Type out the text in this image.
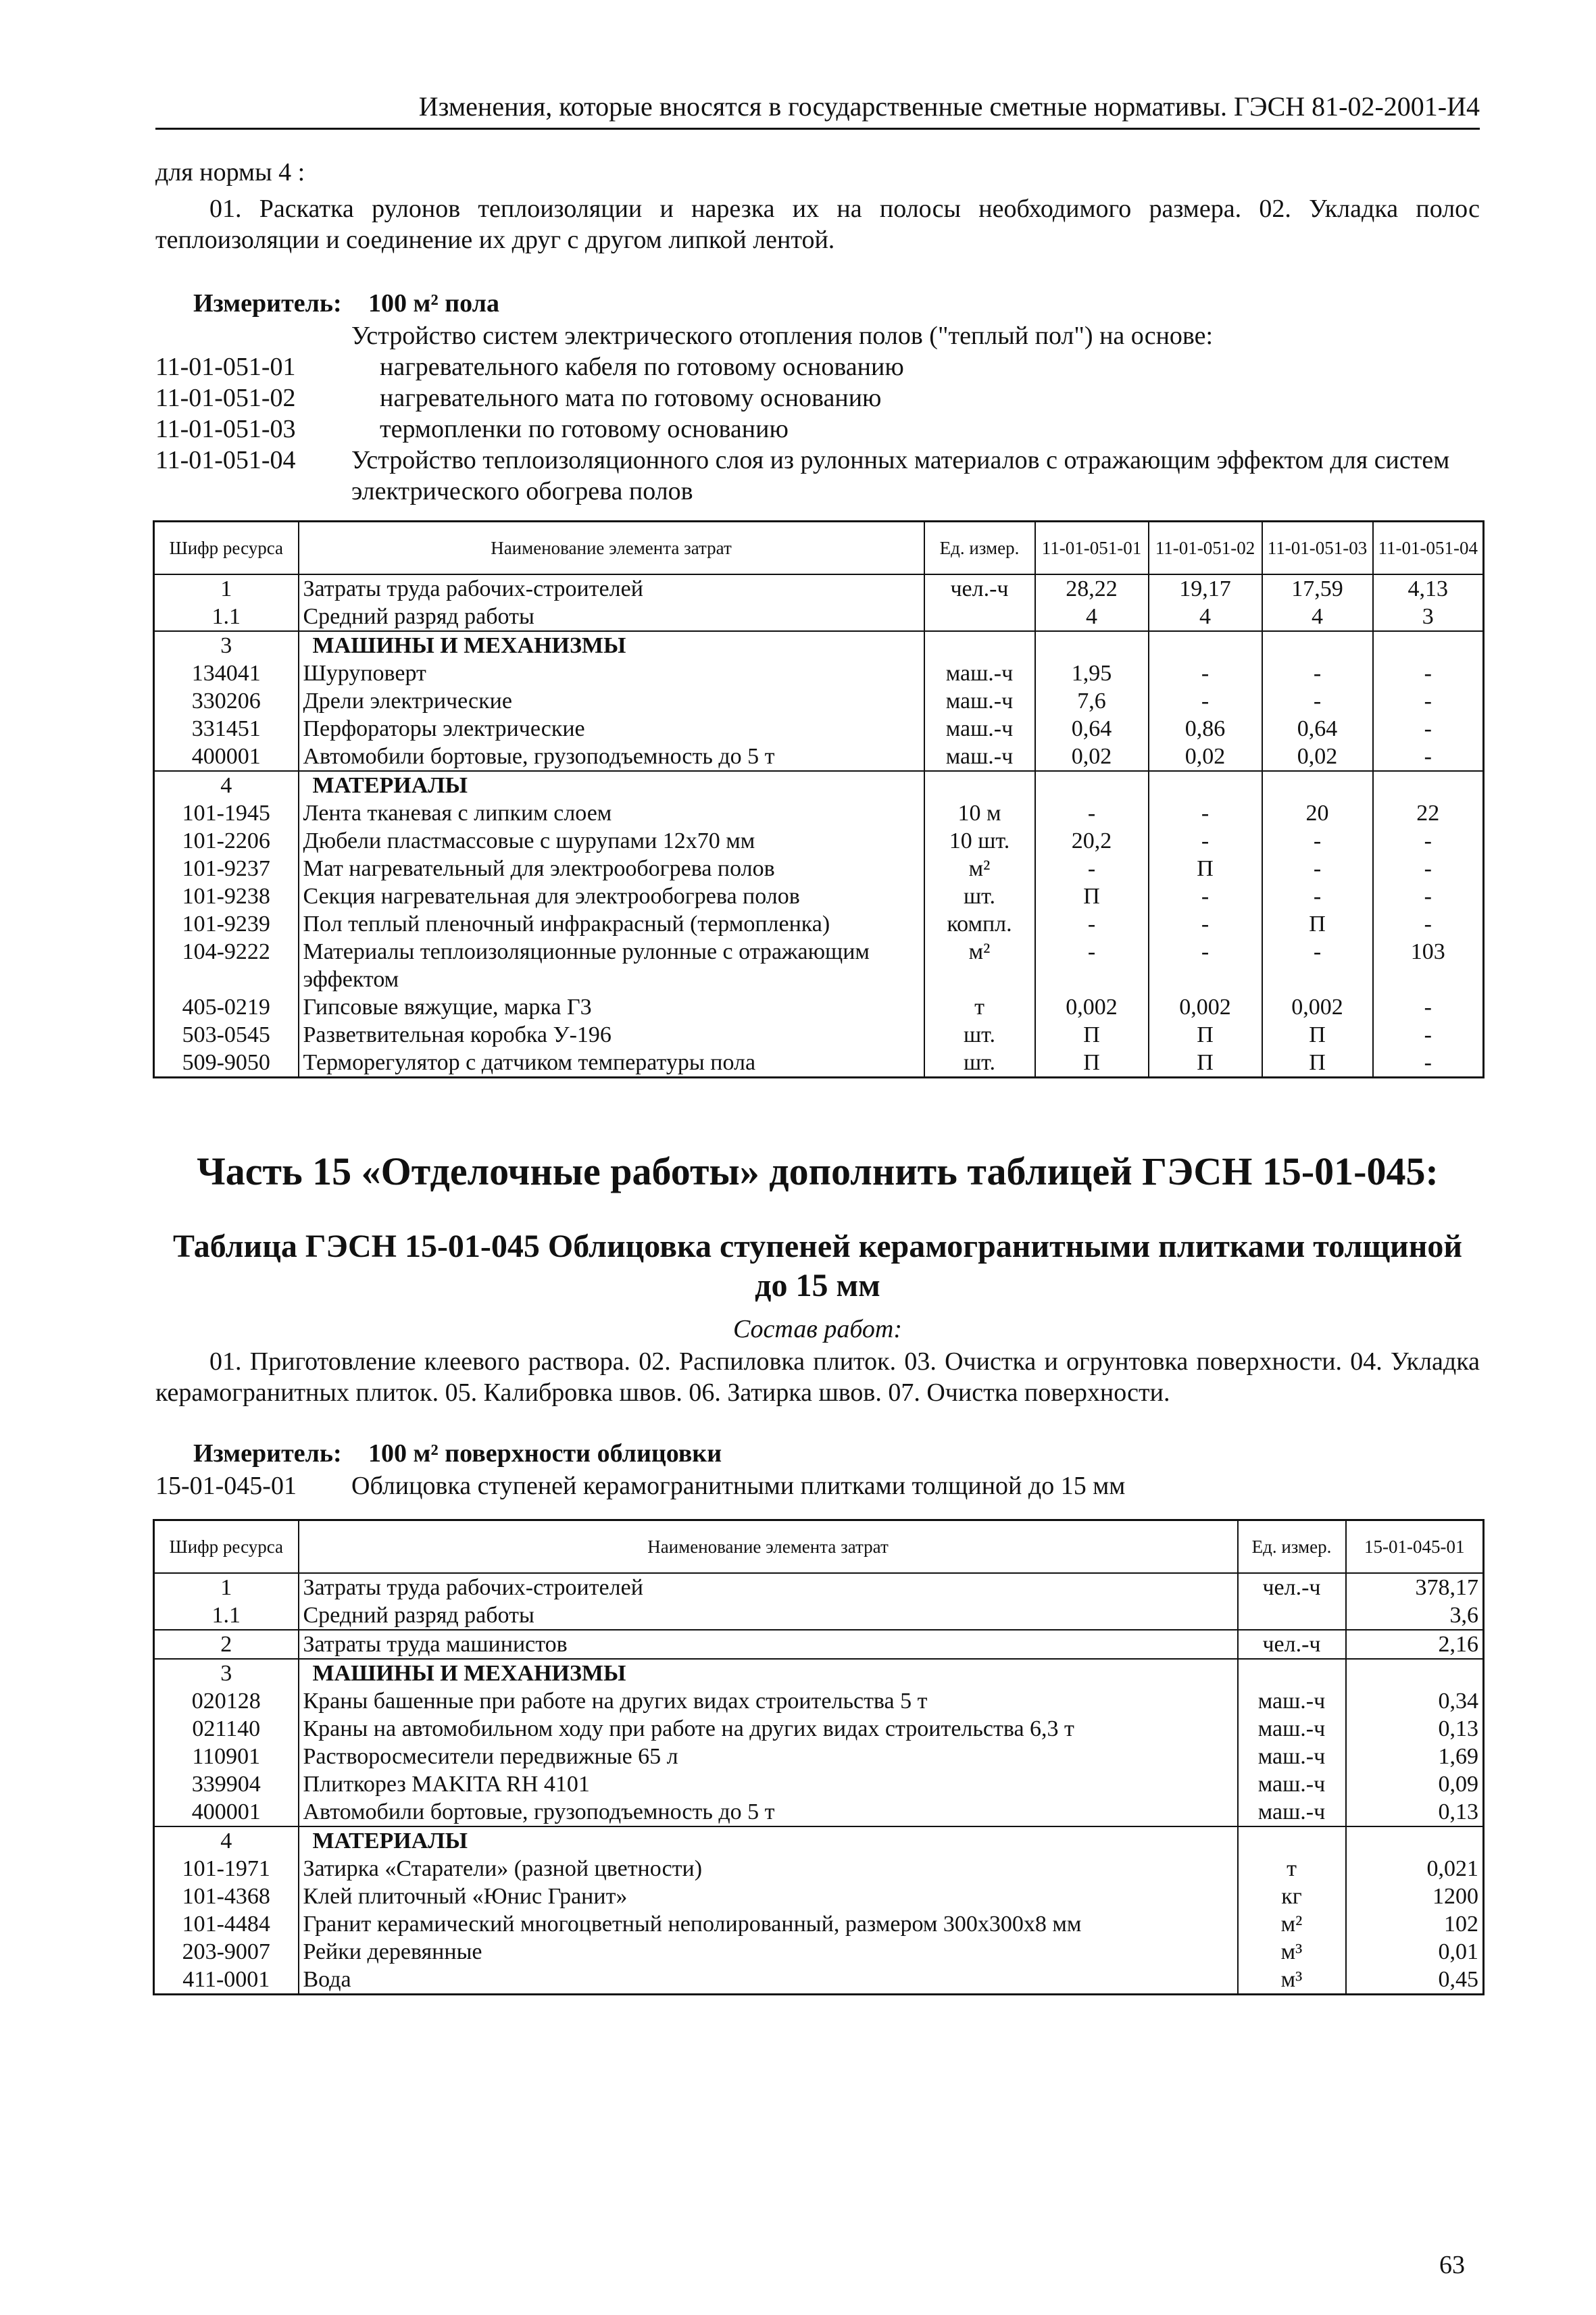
Изменения, которые вносятся в государственные сметные нормативы. ГЭСН 81-02-2001-И4
для нормы 4 :
01. Раскатка рулонов теплоизоляции и нарезка их на полосы необходимого размера. 02. Укладка полос теплоизоляции и соединение их друг с другом липкой лентой.
Измеритель: 100 м² пола
Устройство систем электрического отопления полов ("теплый пол") на основе:
11-01-051-01	нагревательного кабеля по готовому основанию
11-01-051-02	нагревательного мата по готовому основанию
11-01-051-03	термопленки по готовому основанию
11-01-051-04 Устройство теплоизоляционного слоя из рулонных материалов с отражающим эффектом для систем электрического обогрева полов
Шифр ресурса	Наименование элемента затрат	Ед. измер.	11-01-051-01	11-01-051-02	11-01-051-03	11-01-051-04
1	Затраты труда рабочих-строителей	чел.-ч	28,22	19,17	17,59	4,13
1.1	Средний разряд работы		4	4	4	3
3	МАШИНЫ И МЕХАНИЗМЫ					
134041	Шуруповерт	маш.-ч	1,95	-	-	-
330206	Дрели электрические	маш.-ч	7,6	-	-	-
331451	Перфораторы электрические	маш.-ч	0,64	0,86	0,64	-
400001	Автомобили бортовые, грузоподъемность до 5 т	маш.-ч	0,02	0,02	0,02	-
4	МАТЕРИАЛЫ					
101-1945	Лента тканевая с липким слоем	10 м	-	-	20	22
101-2206	Дюбели пластмассовые с шурупами 12x70 мм	10 шт.	20,2	-	-	-
101-9237	Мат нагревательный для электрообогрева полов	м²	-	П	-	-
101-9238	Секция нагревательная для электрообогрева полов	шт.	П	-	-	-
101-9239	Пол теплый пленочный инфракрасный (термопленка)	компл.	-	-	П	-
104-9222	Материалы теплоизоляционные рулонные с отражающим эффектом	м²	-	-	-	103
405-0219	Гипсовые вяжущие, марка Г3	т	0,002	0,002	0,002	-
503-0545	Разветвительная коробка У-196	шт.	П	П	П	-
509-9050	Терморегулятор с датчиком температуры пола	шт.	П	П	П	-
Часть 15 «Отделочные работы» дополнить таблицей ГЭСН 15-01-045:
Таблица ГЭСН 15-01-045 Облицовка ступеней керамогранитными плитками толщиной
до 15 мм
Состав работ:
01. Приготовление клеевого раствора. 02. Распиловка плиток. 03. Очистка и огрунтовка поверхности. 04. Укладка керамогранитных плиток. 05. Калибровка швов. 06. Затирка швов. 07. Очистка поверхности.
Измеритель: 100 м² поверхности облицовки
15-01-045-01 Облицовка ступеней керамогранитными плитками толщиной до 15 мм
Шифр ресурса	Наименование элемента затрат	Ед. измер.	15-01-045-01
1	Затраты труда рабочих-строителей	чел.-ч	378,17
1.1	Средний разряд работы		3,6
2	Затраты труда машинистов	чел.-ч	2,16
3	МАШИНЫ И МЕХАНИЗМЫ		
020128	Краны башенные при работе на других видах строительства 5 т	маш.-ч	0,34
021140	Краны на автомобильном ходу при работе на других видах строительства 6,3 т	маш.-ч	0,13
110901	Растворосмесители передвижные 65 л	маш.-ч	1,69
339904	Плиткорез MAKITA RH 4101	маш.-ч	0,09
400001	Автомобили бортовые, грузоподъемность до 5 т	маш.-ч	0,13
4	МАТЕРИАЛЫ		
101-1971	Затирка «Старатели» (разной цветности)	т	0,021
101-4368	Клей плиточный «Юнис Гранит»	кг	1200
101-4484	Гранит керамический многоцветный неполированный, размером 300x300x8 мм	м²	102
203-9007	Рейки деревянные	м³	0,01
411-0001	Вода	м³	0,45
63
